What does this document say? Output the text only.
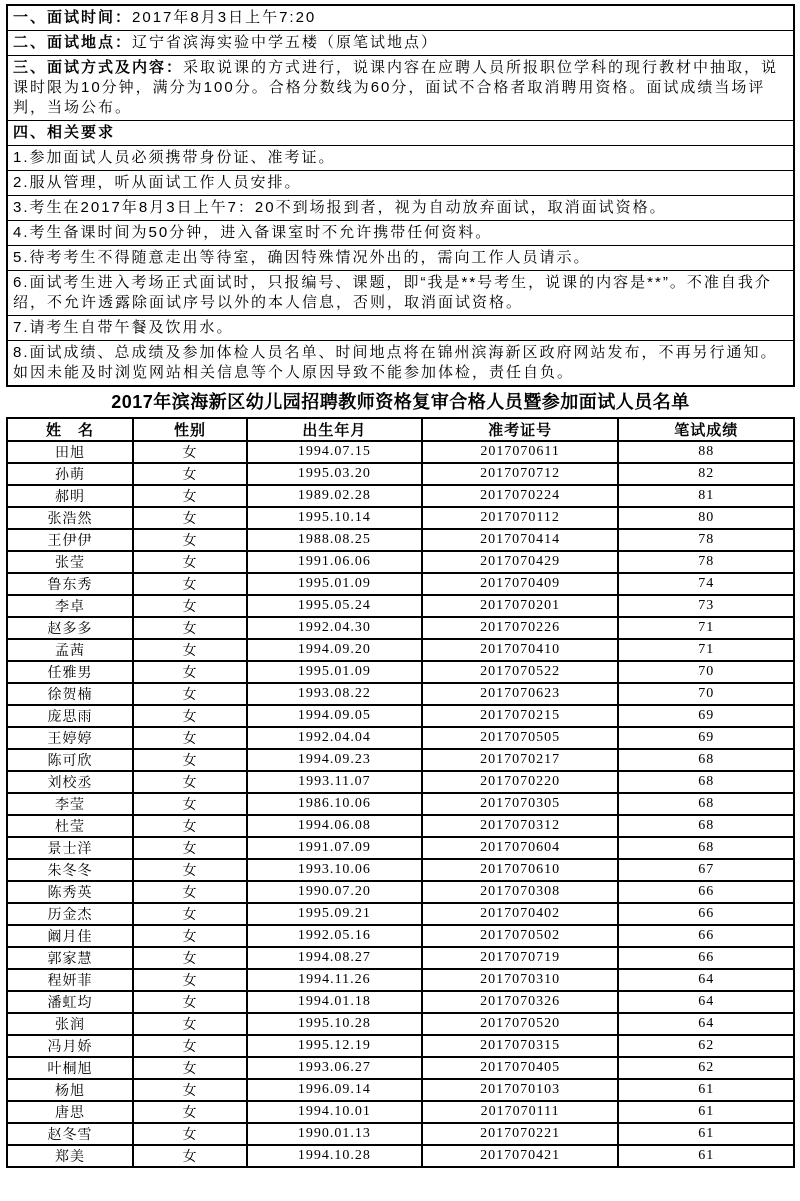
一、面试时间：2017年8月3日上午7:20
二、面试地点：辽宁省滨海实验中学五楼（原笔试地点）
三、面试方式及内容：采取说课的方式进行，说课内容在应聘人员所报职位学科的现行教材中抽取，说课时限为10分钟，满分为100分。合格分数线为60分，面试不合格者取消聘用资格。面试成绩当场评判，当场公布。
四、相关要求
1.参加面试人员必须携带身份证、准考证。
2.服从管理，听从面试工作人员安排。
3.考生在2017年8月3日上午7：20不到场报到者，视为自动放弃面试，取消面试资格。
4.考生备课时间为50分钟，进入备课室时不允许携带任何资料。
5.待考考生不得随意走出等待室，确因特殊情况外出的，需向工作人员请示。
6.面试考生进入考场正式面试时，只报编号、课题，即“我是**号考生，说课的内容是**”。不准自我介绍，不允许透露除面试序号以外的本人信息，否则，取消面试资格。
7.请考生自带午餐及饮用水。
8.面试成绩、总成绩及参加体检人员名单、时间地点将在锦州滨海新区政府网站发布，不再另行通知。如因未能及时浏览网站相关信息等个人原因导致不能参加体检，责任自负。
2017年滨海新区幼儿园招聘教师资格复审合格人员暨参加面试人员名单
姓　名	性别	出生年月	准考证号	笔试成绩
田旭	女	1994.07.15	2017070611	88
孙萌	女	1995.03.20	2017070712	82
郝明	女	1989.02.28	2017070224	81
张浩然	女	1995.10.14	2017070112	80
王伊伊	女	1988.08.25	2017070414	78
张莹	女	1991.06.06	2017070429	78
鲁东秀	女	1995.01.09	2017070409	74
李卓	女	1995.05.24	2017070201	73
赵多多	女	1992.04.30	2017070226	71
孟茜	女	1994.09.20	2017070410	71
任雅男	女	1995.01.09	2017070522	70
徐贺楠	女	1993.08.22	2017070623	70
庞思雨	女	1994.09.05	2017070215	69
王婷婷	女	1992.04.04	2017070505	69
陈可欣	女	1994.09.23	2017070217	68
刘校丞	女	1993.11.07	2017070220	68
李莹	女	1986.10.06	2017070305	68
杜莹	女	1994.06.08	2017070312	68
景士洋	女	1991.07.09	2017070604	68
朱冬冬	女	1993.10.06	2017070610	67
陈秀英	女	1990.07.20	2017070308	66
历金杰	女	1995.09.21	2017070402	66
阚月佳	女	1992.05.16	2017070502	66
郭家慧	女	1994.08.27	2017070719	66
程妍菲	女	1994.11.26	2017070310	64
潘虹均	女	1994.01.18	2017070326	64
张润	女	1995.10.28	2017070520	64
冯月娇	女	1995.12.19	2017070315	62
叶桐旭	女	1993.06.27	2017070405	62
杨旭	女	1996.09.14	2017070103	61
唐思	女	1994.10.01	2017070111	61
赵冬雪	女	1990.01.13	2017070221	61
郑美	女	1994.10.28	2017070421	61
